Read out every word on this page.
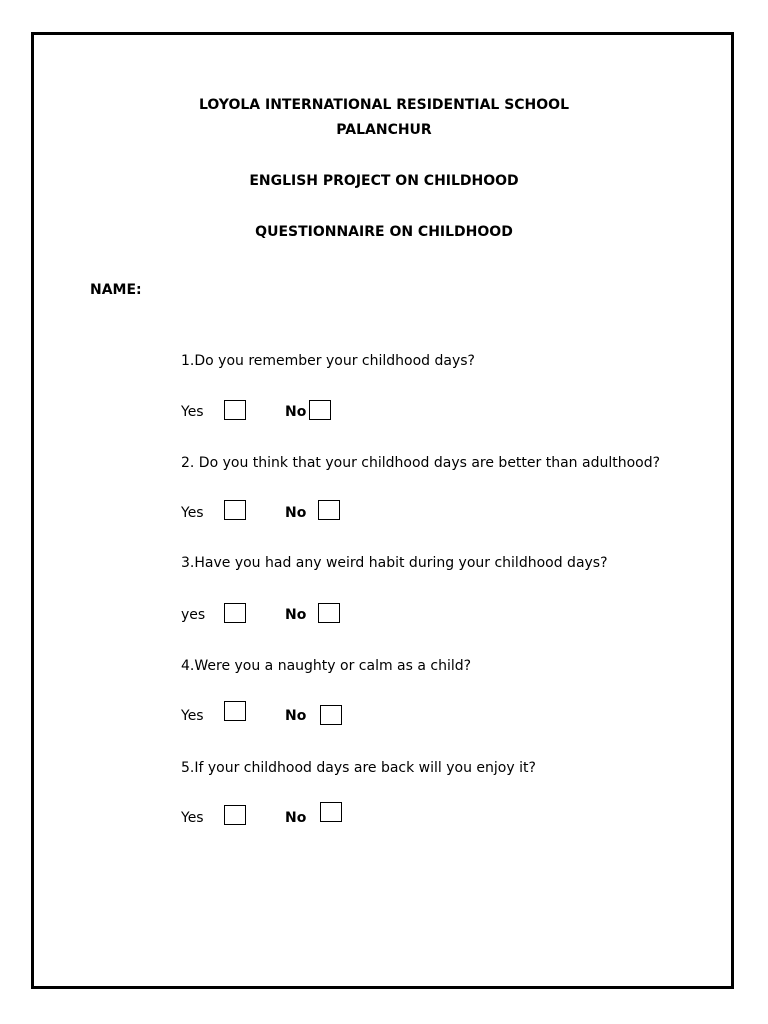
LOYOLA INTERNATIONAL RESIDENTIAL SCHOOL
PALANCHUR
ENGLISH PROJECT ON CHILDHOOD
QUESTIONNAIRE ON CHILDHOOD
NAME:
1.Do you remember your childhood days?
Yes	No
2. Do you think that your childhood days are better than adulthood?
Yes	No
3.Have you had any weird habit during your childhood days?
yes	No
4.Were you a naughty or calm as a child?
Yes	No
5.If your childhood days are back will you enjoy it?
Yes	No
